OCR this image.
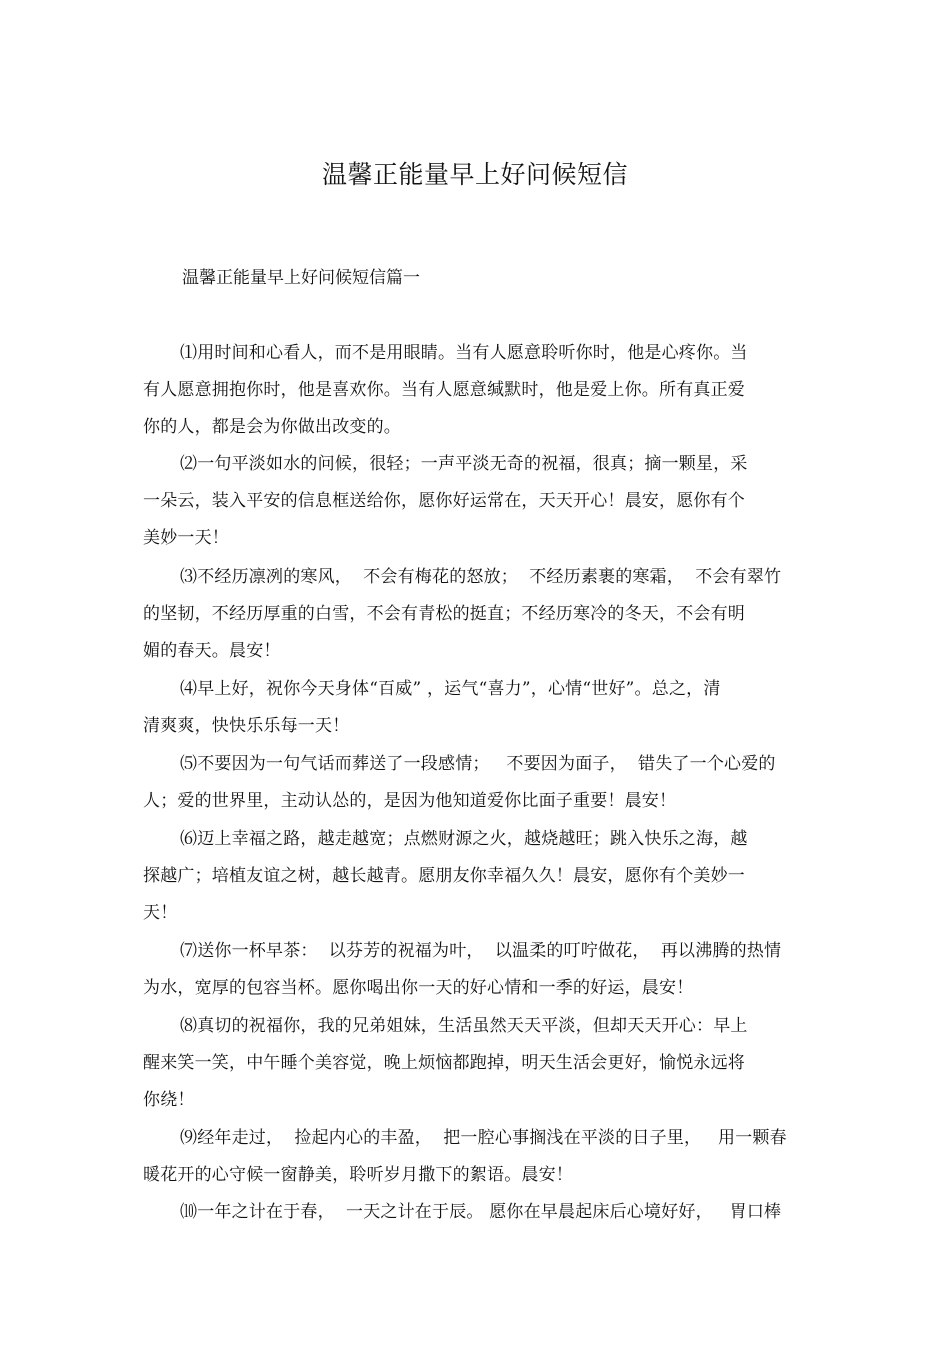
温馨正能量早上好问候短信
温馨正能量早上好问候短信篇一
⑴用时间和心看人，而不是用眼睛。当有人愿意聆听你时，他是心疼你。当
有人愿意拥抱你时，他是喜欢你。当有人愿意缄默时，他是爱上你。所有真正爱
你的人，都是会为你做出改变的。
⑵一句平淡如水的问候，很轻；一声平淡无奇的祝福，很真；摘一颗星，采
一朵云，装入平安的信息框送给你，愿你好运常在，天天开心！晨安，愿你有个
美妙一天！
⑶不经历凛冽的寒风，  不会有梅花的怒放；  不经历素裹的寒霜，  不会有翠竹
的坚韧，不经历厚重的白雪，不会有青松的挺直；不经历寒冷的冬天，不会有明
媚的春天。晨安！
⑷早上好，祝你今天身体“百威” ，运气“喜力”，心情“世好”。总之，清
清爽爽，快快乐乐每一天！
⑸不要因为一句气话而葬送了一段感情；   不要因为面子，  错失了一个心爱的
人；爱的世界里，主动认怂的，是因为他知道爱你比面子重要！晨安！
⑹迈上幸福之路，越走越宽；点燃财源之火，越烧越旺；跳入快乐之海，越
探越广；培植友谊之树，越长越青。愿朋友你幸福久久！晨安，愿你有个美妙一
天！
⑺送你一杯早茶：  以芬芳的祝福为叶，  以温柔的叮咛做花，  再以沸腾的热情
为水，宽厚的包容当杯。愿你喝出你一天的好心情和一季的好运，晨安！
⑻真切的祝福你，我的兄弟姐妹，生活虽然天天平淡，但却天天开心：早上
醒来笑一笑，中午睡个美容觉，晚上烦恼都跑掉，明天生活会更好，愉悦永远将
你绕！
⑼经年走过，  捡起内心的丰盈，  把一腔心事搁浅在平淡的日子里，   用一颗春
暖花开的心守候一窗静美，聆听岁月撒下的絮语。晨安！
⑽一年之计在于春，  一天之计在于辰。 愿你在早晨起床后心境好好，   胃口棒
